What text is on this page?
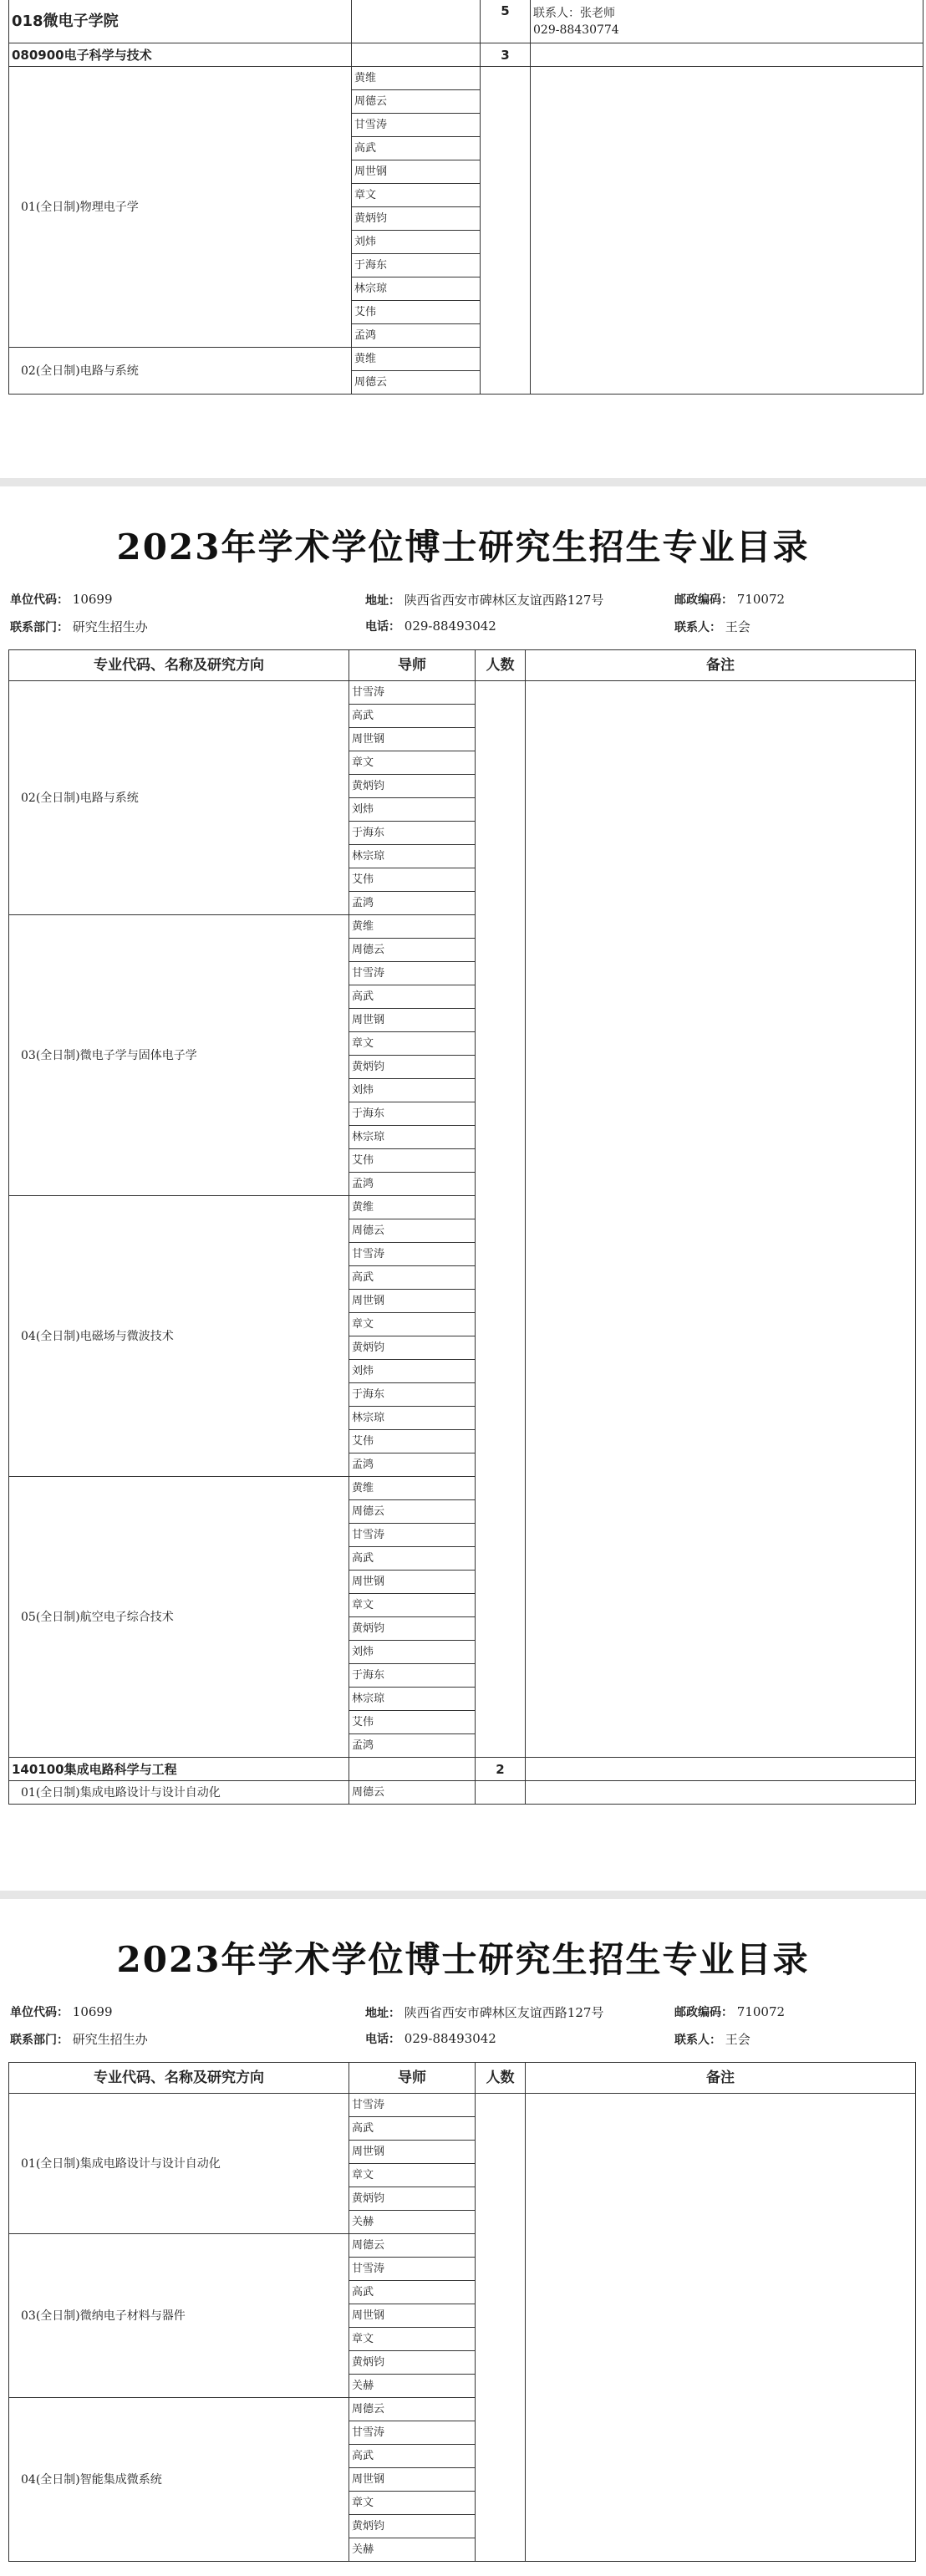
018微电子学院		5	联系人：张老师
029-88430774

080900电子科学与技术		3	
01(全日制)物理电子学	黄维		
	周德云		
	甘雪涛		
	高武		
	周世钢		
	章文		
	黄炳钧		
	刘炜		
	于海东		
	林宗琼		
	艾伟		
	孟鸿		
02(全日制)电路与系统	黄维		
	周德云		
2023年学术学位博士研究生招生专业目录
单位代码： 10699	地址： 陕西省西安市碑林区友谊西路127号	邮政编码： 710072
联系部门： 研究生招生办	电话： 029-88493042	联系人： 王会
专业代码、名称及研究方向	导师	人数	备注
02(全日制)电路与系统	甘雪涛		
	高武		
	周世钢		
	章文		
	黄炳钧		
	刘炜		
	于海东		
	林宗琼		
	艾伟		
	孟鸿		
03(全日制)微电子学与固体电子学	黄维		
	周德云		
	甘雪涛		
	高武		
	周世钢		
	章文		
	黄炳钧		
	刘炜		
	于海东		
	林宗琼		
	艾伟		
	孟鸿		
04(全日制)电磁场与微波技术	黄维		
	周德云		
	甘雪涛		
	高武		
	周世钢		
	章文		
	黄炳钧		
	刘炜		
	于海东		
	林宗琼		
	艾伟		
	孟鸿		
05(全日制)航空电子综合技术	黄维		
	周德云		
	甘雪涛		
	高武		
	周世钢		
	章文		
	黄炳钧		
	刘炜		
	于海东		
	林宗琼		
	艾伟		
	孟鸿		
140100集成电路科学与工程		2	
01(全日制)集成电路设计与设计自动化	周德云		
2023年学术学位博士研究生招生专业目录
单位代码： 10699	地址： 陕西省西安市碑林区友谊西路127号	邮政编码： 710072
联系部门： 研究生招生办	电话： 029-88493042	联系人： 王会
专业代码、名称及研究方向	导师	人数	备注
01(全日制)集成电路设计与设计自动化	甘雪涛		
	高武		
	周世钢		
	章文		
	黄炳钧		
	关赫		
03(全日制)微纳电子材料与器件	周德云		
	甘雪涛		
	高武		
	周世钢		
	章文		
	黄炳钧		
	关赫		
04(全日制)智能集成微系统	周德云		
	甘雪涛		
	高武		
	周世钢		
	章文		
	黄炳钧		
	关赫		
